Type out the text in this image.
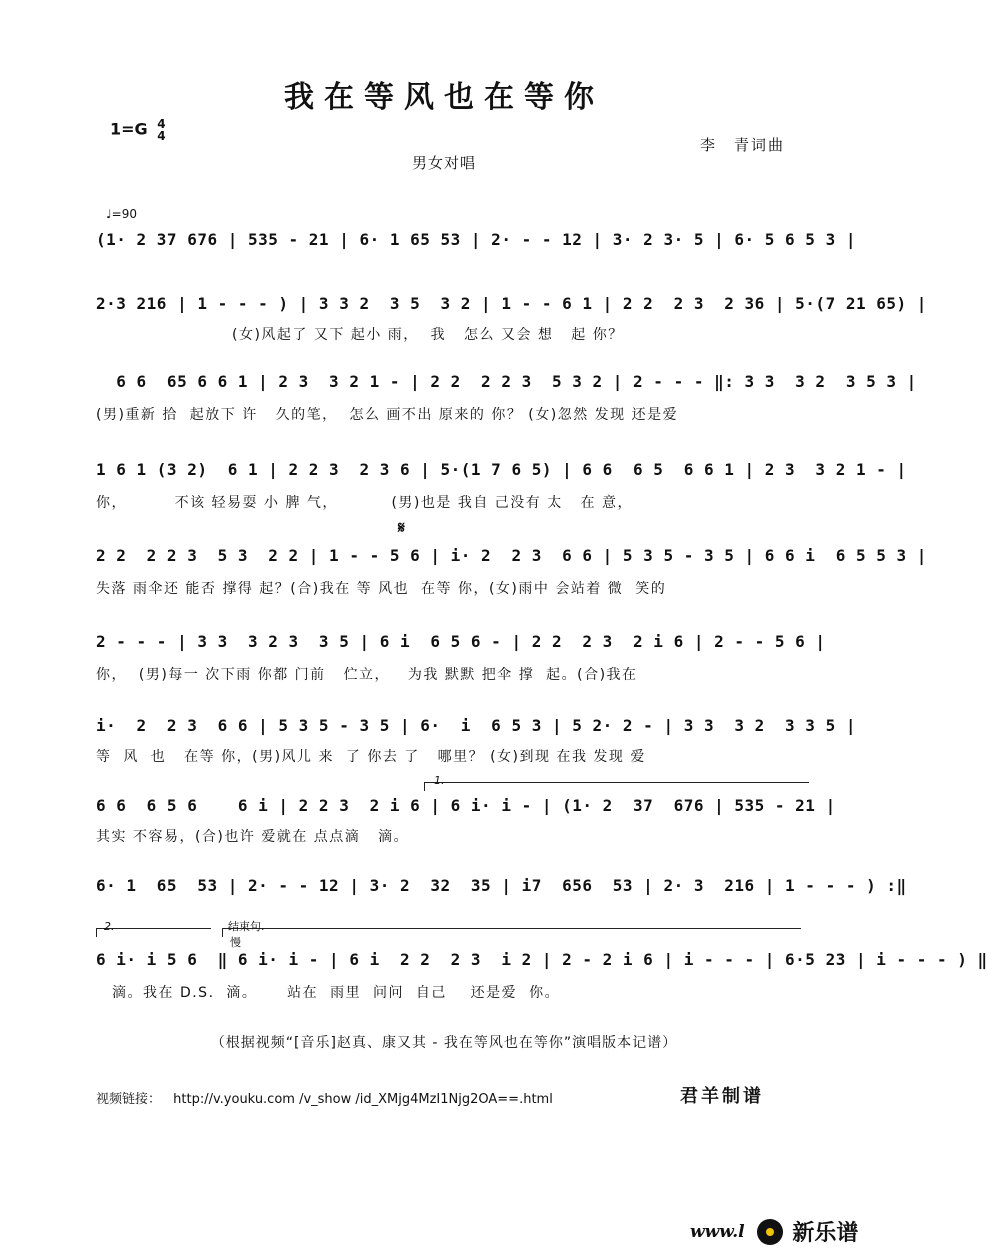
我在等风也在等你
1=G 4
4	李　青词曲
男女对唱
♩=90
(1· 2 37 676 | 535 - 21 | 6· 1 65 53 | 2· - - 12 | 3· 2 3· 5 | 6· 5 6 5 3 |
2·3 216 | 1 - - - ) | 3 3 2  3 5  3 2 | 1 - - 6 1 | 2 2  2 3  2 36 | 5·(7 21 65) |
(女)风起了 又下 起小 雨，  我   怎么 又会 想   起 你？
6 6  65 6 6 1 | 2 3  3 2 1 - | 2 2  2 2 3  5 3 2 | 2 - - - ‖: 3 3  3 2  3 5 3 |
(男)重新 拾  起放下 许   久的笔，  怎么 画不出 原来的 你？ (女)忽然 发现 还是爱
1 6 1 (3 2)  6 1 | 2 2 3  2 3 6 | 5·(1 7 6 5) | 6 6  6 5  6 6 1 | 2 3  3 2 1 - |
你，        不该 轻易耍 小 脾 气，         (男)也是 我自 己没有 太   在 意，
𝄋
2 2  2 2 3  5 3  2 2 | 1 - - 5 6 | i· 2  2 3  6 6 | 5 3 5 - 3 5 | 6 6 i  6 5 5 3 |
失落 雨伞还 能否 撑得 起？(合)我在 等 风也  在等 你，(女)雨中 会站着 微  笑的
2 - - - | 3 3  3 2 3  3 5 | 6 i  6 5 6 - | 2 2  2 3  2 i 6 | 2 - - 5 6 |
你，  (男)每一 次下雨 你都 门前   伫立，   为我 默默 把伞 撑  起。(合)我在
i·  2  2 3  6 6 | 5 3 5 - 3 5 | 6·  i  6 5 3 | 5 2· 2 - | 3 3  3 2  3 3 5 |
等  风  也   在等 你，(男)风儿 来  了 你去 了   哪里？ (女)到现 在我 发现 爱
1.
6 6  6 5 6    6 i | 2 2 3  2 i 6 | 6 i· i - | (1· 2  37  676 | 535 - 21 |
其实 不容易，(合)也许 爱就在 点点滴   滴。
6· 1  65  53 | 2· - - 12 | 3· 2  32  35 | i7  656  53 | 2· 3  216 | 1 - - - ) :‖
2.	结束句.
慢
6 i· i 5 6  ‖ 6 i· i - | 6 i  2 2  2 3  i 2 | 2 - 2 i 6 | i - - - | 6·5 23 | i - - - ) ‖
滴。我在 D.S.  滴。     站在  雨里  问问  自己    还是爱  你。
（根据视频“[音乐]赵真、康又其 - 我在等风也在等你”演唱版本记谱）
视频链接： http://v.youku.com /v_show /id_XMjg4MzI1Njg2OA==.html	君羊制谱
www.l 新乐谱
